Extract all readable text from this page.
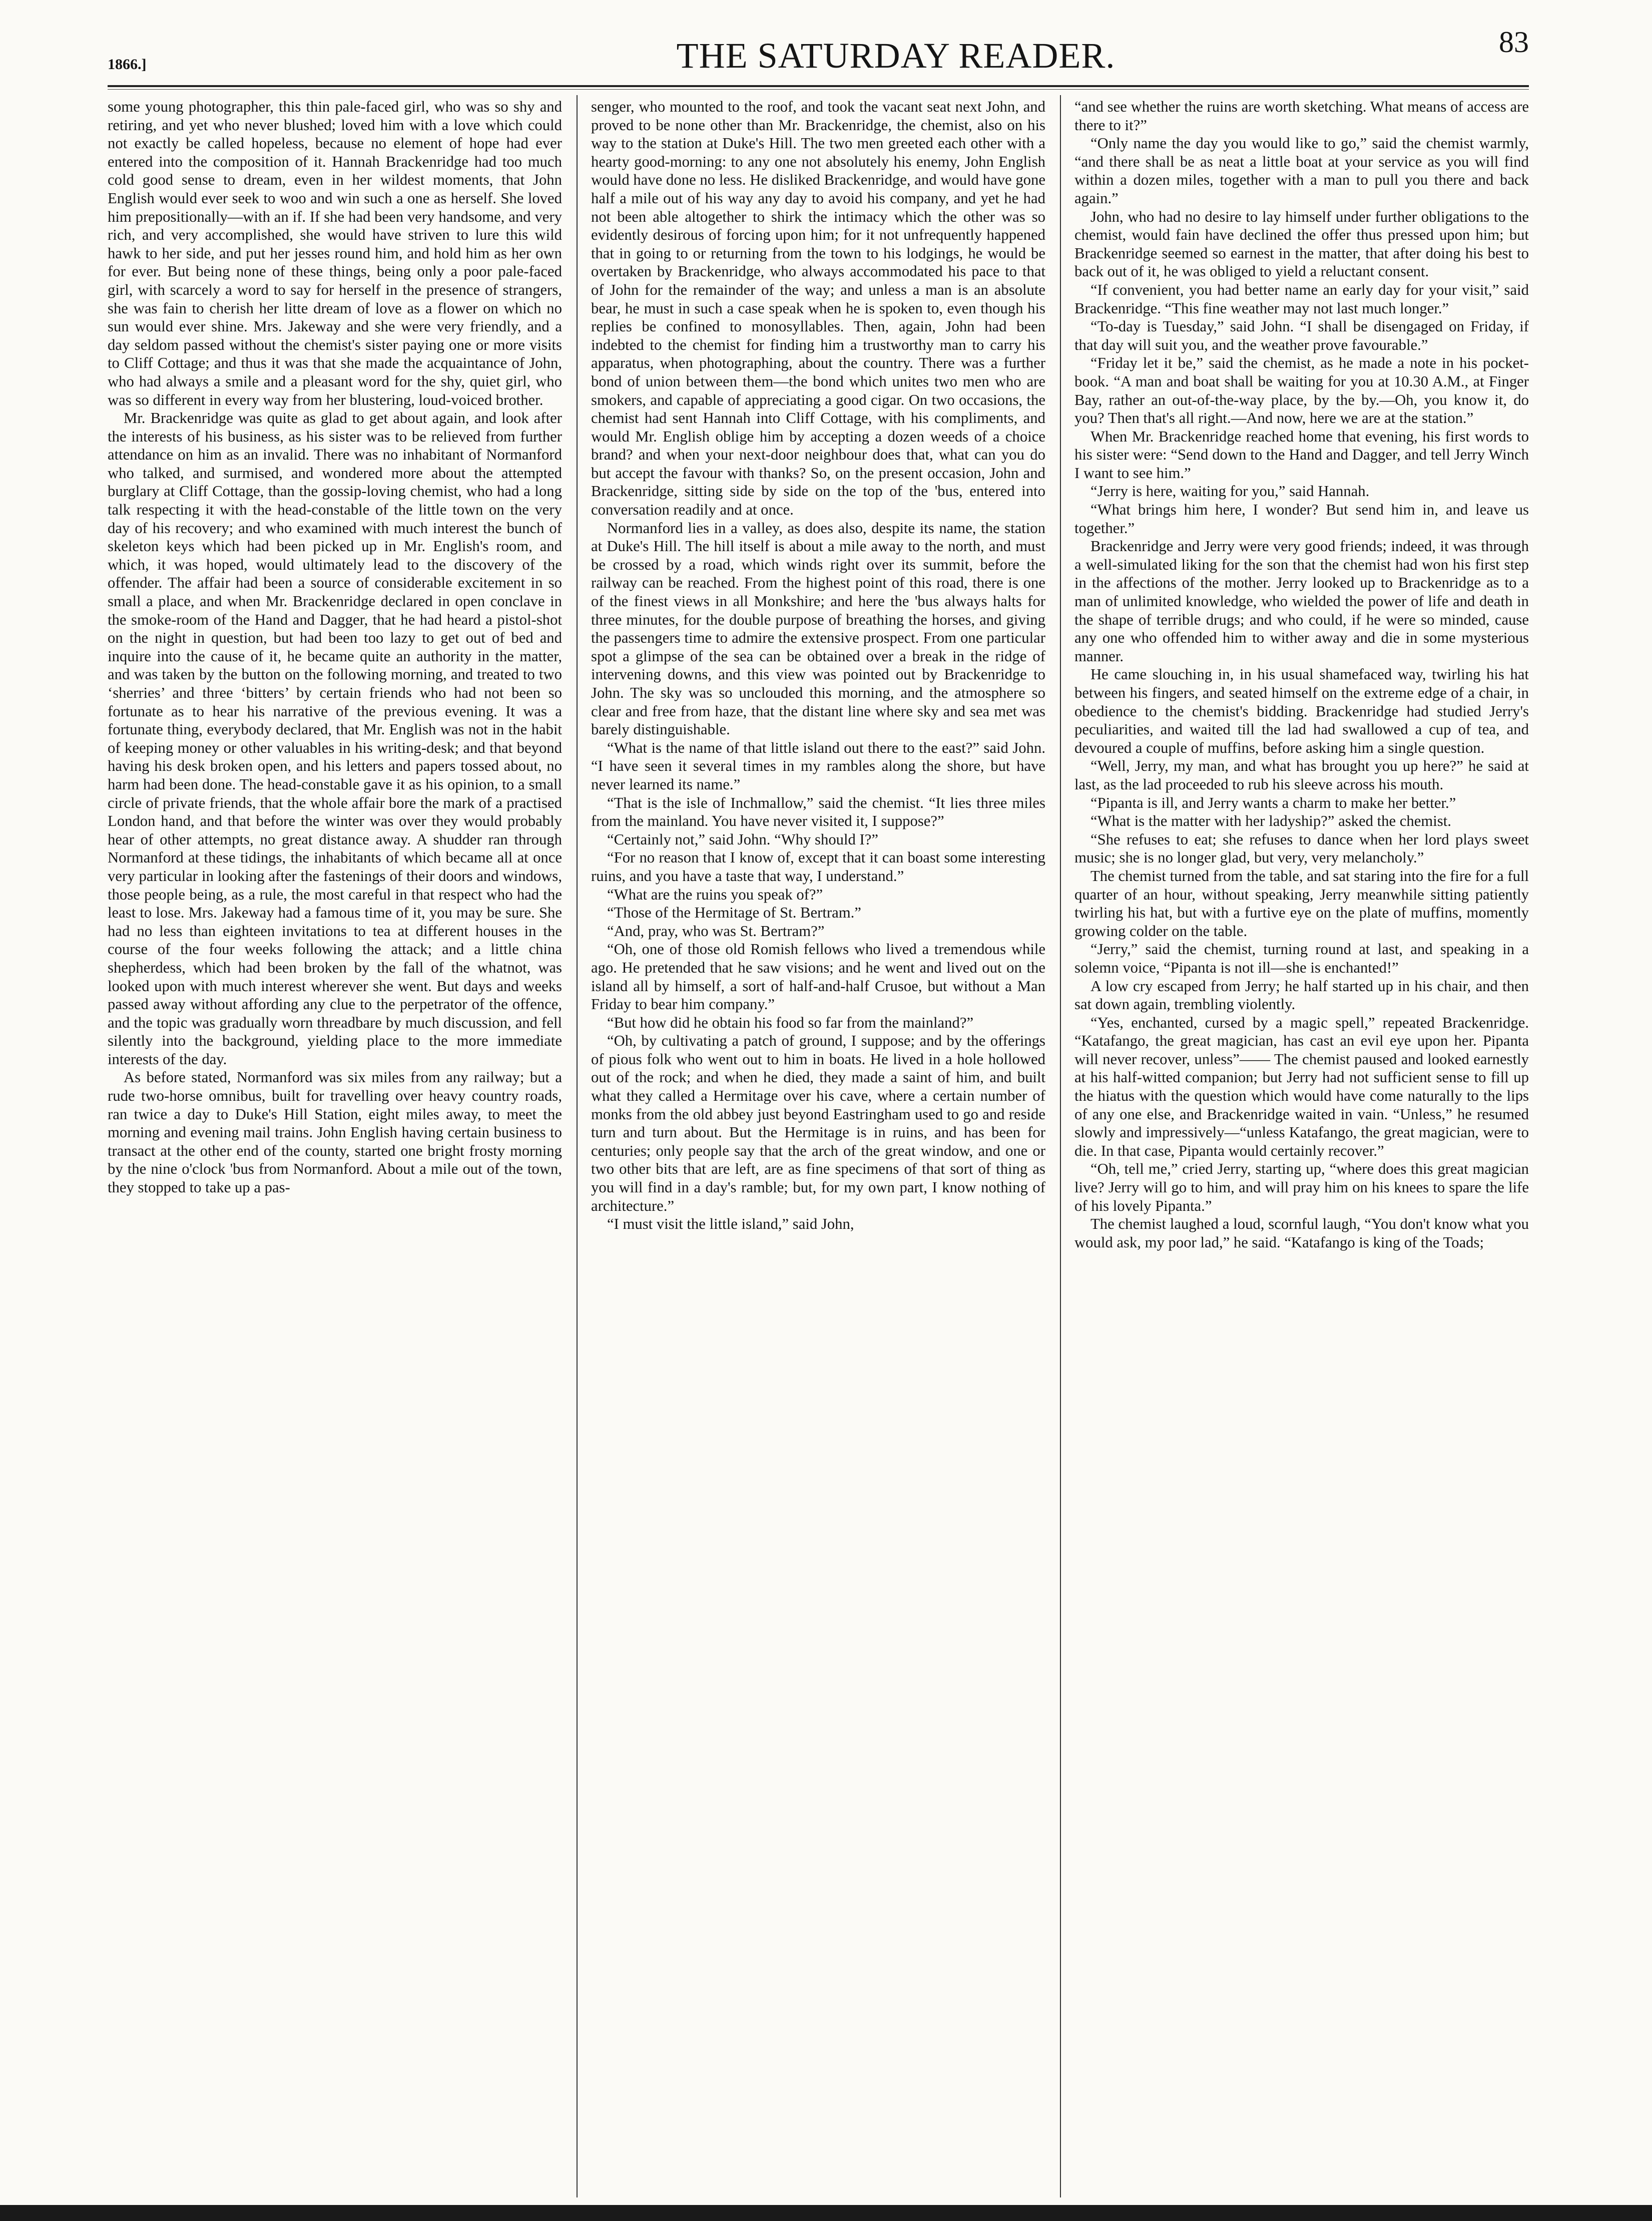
1866.]	THE SATURDAY READER.	83

some young photographer, this thin pale-faced girl, who was so shy and retiring, and yet who never blushed; loved him with a love which could not exactly be called hopeless, because no element of hope had ever entered into the composition of it. Hannah Brackenridge had too much cold good sense to dream, even in her wildest moments, that John English would ever seek to woo and win such a one as herself. She loved him prepositionally—with an if. If she had been very handsome, and very rich, and very accomplished, she would have striven to lure this wild hawk to her side, and put her jesses round him, and hold him as her own for ever. But being none of these things, being only a poor pale-faced girl, with scarcely a word to say for herself in the presence of strangers, she was fain to cherish her litte dream of love as a flower on which no sun would ever shine. Mrs. Jakeway and she were very friendly, and a day seldom passed without the chemist's sister paying one or more visits to Cliff Cottage; and thus it was that she made the acquaintance of John, who had always a smile and a pleasant word for the shy, quiet girl, who was so different in every way from her blustering, loud-voiced brother.

Mr. Brackenridge was quite as glad to get about again, and look after the interests of his business, as his sister was to be relieved from further attendance on him as an invalid. There was no inhabitant of Normanford who talked, and surmised, and wondered more about the attempted burglary at Cliff Cottage, than the gossip-loving chemist, who had a long talk respecting it with the head-constable of the little town on the very day of his recovery; and who examined with much interest the bunch of skeleton keys which had been picked up in Mr. English's room, and which, it was hoped, would ultimately lead to the discovery of the offender. The affair had been a source of considerable excitement in so small a place, and when Mr. Brackenridge declared in open conclave in the smoke-room of the Hand and Dagger, that he had heard a pistol-shot on the night in question, but had been too lazy to get out of bed and inquire into the cause of it, he became quite an authority in the matter, and was taken by the button on the following morning, and treated to two ‘sherries’ and three ‘bitters’ by certain friends who had not been so fortunate as to hear his narrative of the previous evening. It was a fortunate thing, everybody declared, that Mr. English was not in the habit of keeping money or other valuables in his writing-desk; and that beyond having his desk broken open, and his letters and papers tossed about, no harm had been done. The head-constable gave it as his opinion, to a small circle of private friends, that the whole affair bore the mark of a practised London hand, and that before the winter was over they would probably hear of other attempts, no great distance away. A shudder ran through Normanford at these tidings, the inhabitants of which became all at once very particular in looking after the fastenings of their doors and windows, those people being, as a rule, the most careful in that respect who had the least to lose. Mrs. Jakeway had a famous time of it, you may be sure. She had no less than eighteen invitations to tea at different houses in the course of the four weeks following the attack; and a little china shepherdess, which had been broken by the fall of the whatnot, was looked upon with much interest wherever she went. But days and weeks passed away without affording any clue to the perpetrator of the offence, and the topic was gradually worn threadbare by much discussion, and fell silently into the background, yielding place to the more immediate interests of the day.

As before stated, Normanford was six miles from any railway; but a rude two-horse omnibus, built for travelling over heavy country roads, ran twice a day to Duke's Hill Station, eight miles away, to meet the morning and evening mail trains. John English having certain business to transact at the other end of the county, started one bright frosty morning by the nine o'clock 'bus from Normanford. About a mile out of the town, they stopped to take up a pas-

senger, who mounted to the roof, and took the vacant seat next John, and proved to be none other than Mr. Brackenridge, the chemist, also on his way to the station at Duke's Hill. The two men greeted each other with a hearty good-morning: to any one not absolutely his enemy, John English would have done no less. He disliked Brackenridge, and would have gone half a mile out of his way any day to avoid his company, and yet he had not been able altogether to shirk the intimacy which the other was so evidently desirous of forcing upon him; for it not unfrequently happened that in going to or returning from the town to his lodgings, he would be overtaken by Brackenridge, who always accommodated his pace to that of John for the remainder of the way; and unless a man is an absolute bear, he must in such a case speak when he is spoken to, even though his replies be confined to monosyllables. Then, again, John had been indebted to the chemist for finding him a trustworthy man to carry his apparatus, when photographing, about the country. There was a further bond of union between them—the bond which unites two men who are smokers, and capable of appreciating a good cigar. On two occasions, the chemist had sent Hannah into Cliff Cottage, with his compliments, and would Mr. English oblige him by accepting a dozen weeds of a choice brand? and when your next-door neighbour does that, what can you do but accept the favour with thanks? So, on the present occasion, John and Brackenridge, sitting side by side on the top of the 'bus, entered into conversation readily and at once.

Normanford lies in a valley, as does also, despite its name, the station at Duke's Hill. The hill itself is about a mile away to the north, and must be crossed by a road, which winds right over its summit, before the railway can be reached. From the highest point of this road, there is one of the finest views in all Monkshire; and here the 'bus always halts for three minutes, for the double purpose of breathing the horses, and giving the passengers time to admire the extensive prospect. From one particular spot a glimpse of the sea can be obtained over a break in the ridge of intervening downs, and this view was pointed out by Brackenridge to John. The sky was so unclouded this morning, and the atmosphere so clear and free from haze, that the distant line where sky and sea met was barely distinguishable.

“What is the name of that little island out there to the east?” said John. “I have seen it several times in my rambles along the shore, but have never learned its name.”

“That is the isle of Inchmallow,” said the chemist. “It lies three miles from the mainland. You have never visited it, I suppose?”

“Certainly not,” said John. “Why should I?”

“For no reason that I know of, except that it can boast some interesting ruins, and you have a taste that way, I understand.”

“What are the ruins you speak of?”

“Those of the Hermitage of St. Bertram.”

“And, pray, who was St. Bertram?”

“Oh, one of those old Romish fellows who lived a tremendous while ago. He pretended that he saw visions; and he went and lived out on the island all by himself, a sort of half-and-half Crusoe, but without a Man Friday to bear him company.”

“But how did he obtain his food so far from the mainland?”

“Oh, by cultivating a patch of ground, I suppose; and by the offerings of pious folk who went out to him in boats. He lived in a hole hollowed out of the rock; and when he died, they made a saint of him, and built what they called a Hermitage over his cave, where a certain number of monks from the old abbey just beyond Eastringham used to go and reside turn and turn about. But the Hermitage is in ruins, and has been for centuries; only people say that the arch of the great window, and one or two other bits that are left, are as fine specimens of that sort of thing as you will find in a day's ramble; but, for my own part, I know nothing of architecture.”

“I must visit the little island,” said John,

“and see whether the ruins are worth sketching. What means of access are there to it?”

“Only name the day you would like to go,” said the chemist warmly, “and there shall be as neat a little boat at your service as you will find within a dozen miles, together with a man to pull you there and back again.”

John, who had no desire to lay himself under further obligations to the chemist, would fain have declined the offer thus pressed upon him; but Brackenridge seemed so earnest in the matter, that after doing his best to back out of it, he was obliged to yield a reluctant consent.

“If convenient, you had better name an early day for your visit,” said Brackenridge. “This fine weather may not last much longer.”

“To-day is Tuesday,” said John. “I shall be disengaged on Friday, if that day will suit you, and the weather prove favourable.”

“Friday let it be,” said the chemist, as he made a note in his pocket-book. “A man and boat shall be waiting for you at 10.30 A.M., at Finger Bay, rather an out-of-the-way place, by the by.—Oh, you know it, do you? Then that's all right.—And now, here we are at the station.”

When Mr. Brackenridge reached home that evening, his first words to his sister were: “Send down to the Hand and Dagger, and tell Jerry Winch I want to see him.”

“Jerry is here, waiting for you,” said Hannah.

“What brings him here, I wonder? But send him in, and leave us together.”

Brackenridge and Jerry were very good friends; indeed, it was through a well-simulated liking for the son that the chemist had won his first step in the affections of the mother. Jerry looked up to Brackenridge as to a man of unlimited knowledge, who wielded the power of life and death in the shape of terrible drugs; and who could, if he were so minded, cause any one who offended him to wither away and die in some mysterious manner.

He came slouching in, in his usual shamefaced way, twirling his hat between his fingers, and seated himself on the extreme edge of a chair, in obedience to the chemist's bidding. Brackenridge had studied Jerry's peculiarities, and waited till the lad had swallowed a cup of tea, and devoured a couple of muffins, before asking him a single question.

“Well, Jerry, my man, and what has brought you up here?” he said at last, as the lad proceeded to rub his sleeve across his mouth.

“Pipanta is ill, and Jerry wants a charm to make her better.”

“What is the matter with her ladyship?” asked the chemist.

“She refuses to eat; she refuses to dance when her lord plays sweet music; she is no longer glad, but very, very melancholy.”

The chemist turned from the table, and sat staring into the fire for a full quarter of an hour, without speaking, Jerry meanwhile sitting patiently twirling his hat, but with a furtive eye on the plate of muffins, momently growing colder on the table.

“Jerry,” said the chemist, turning round at last, and speaking in a solemn voice, “Pipanta is not ill—she is enchanted!”

A low cry escaped from Jerry; he half started up in his chair, and then sat down again, trembling violently.

“Yes, enchanted, cursed by a magic spell,” repeated Brackenridge. “Katafango, the great magician, has cast an evil eye upon her. Pipanta will never recover, unless”—— The chemist paused and looked earnestly at his half-witted companion; but Jerry had not sufficient sense to fill up the hiatus with the question which would have come naturally to the lips of any one else, and Brackenridge waited in vain. “Unless,” he resumed slowly and impressively—“unless Katafango, the great magician, were to die. In that case, Pipanta would certainly recover.”

“Oh, tell me,” cried Jerry, starting up, “where does this great magician live? Jerry will go to him, and will pray him on his knees to spare the life of his lovely Pipanta.”

The chemist laughed a loud, scornful laugh, “You don't know what you would ask, my poor lad,” he said. “Katafango is king of the Toads;
